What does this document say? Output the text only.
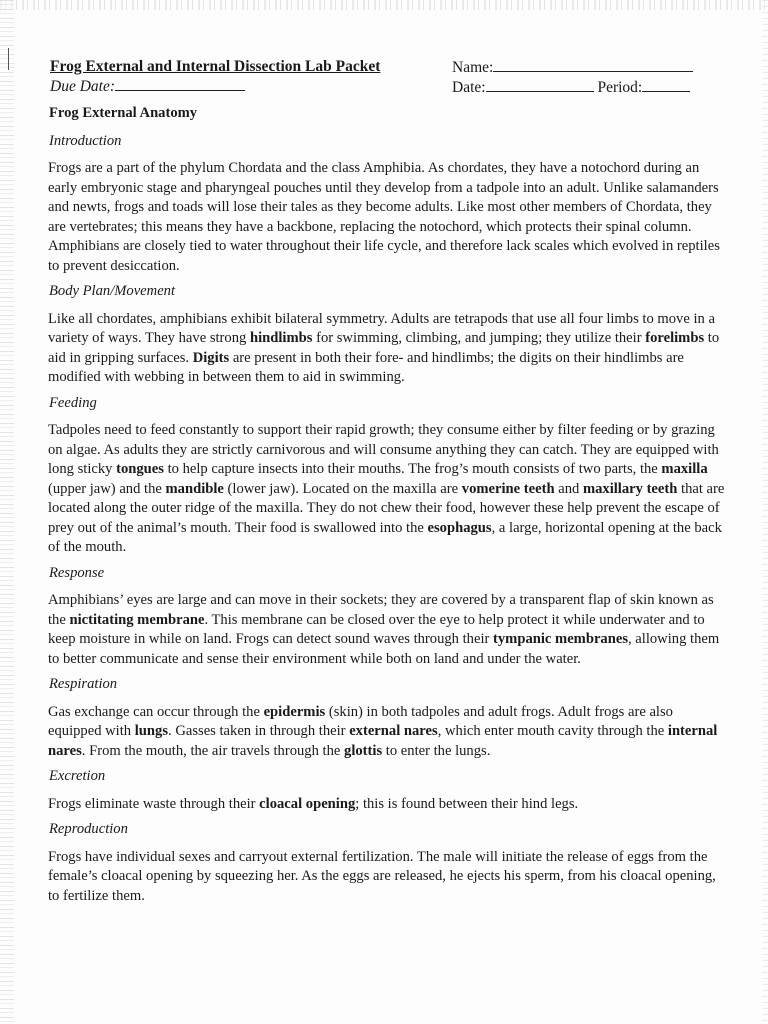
Frog External and Internal Dissection Lab Packet
Due Date:
Name:
Date:	Period:
Frog External Anatomy
Introduction

Frogs are a part of the phylum Chordata and the class Amphibia. As chordates, they have a notochord during an early embryonic stage and pharyngeal pouches until they develop from a tadpole into an adult. Unlike salamanders and newts, frogs and toads will lose their tales as they become adults. Like most other members of Chordata, they are vertebrates; this means they have a backbone, replacing the notochord, which protects their spinal column. Amphibians are closely tied to water throughout their life cycle, and therefore lack scales which evolved in reptiles to prevent desiccation.

Body Plan/Movement

Like all chordates, amphibians exhibit bilateral symmetry. Adults are tetrapods that use all four limbs to move in a variety of ways. They have strong hindlimbs for swimming, climbing, and jumping; they utilize their forelimbs to aid in gripping surfaces. Digits are present in both their fore- and hindlimbs; the digits on their hindlimbs are modified with webbing in between them to aid in swimming.

Feeding

Tadpoles need to feed constantly to support their rapid growth; they consume either by filter feeding or by grazing on algae. As adults they are strictly carnivorous and will consume anything they can catch. They are equipped with long sticky tongues to help capture insects into their mouths. The frog’s mouth consists of two parts, the maxilla (upper jaw) and the mandible (lower jaw). Located on the maxilla are vomerine teeth and maxillary teeth that are located along the outer ridge of the maxilla. They do not chew their food, however these help prevent the escape of prey out of the animal’s mouth. Their food is swallowed into the esophagus, a large, horizontal opening at the back of the mouth.

Response

Amphibians’ eyes are large and can move in their sockets; they are covered by a transparent flap of skin known as the nictitating membrane. This membrane can be closed over the eye to help protect it while underwater and to keep moisture in while on land. Frogs can detect sound waves through their tympanic membranes, allowing them to better communicate and sense their environment while both on land and under the water.

Respiration

Gas exchange can occur through the epidermis (skin) in both tadpoles and adult frogs. Adult frogs are also equipped with lungs. Gasses taken in through their external nares, which enter mouth cavity through the internal nares. From the mouth, the air travels through the glottis to enter the lungs.

Excretion

Frogs eliminate waste through their cloacal opening; this is found between their hind legs.

Reproduction

Frogs have individual sexes and carryout external fertilization. The male will initiate the release of eggs from the female’s cloacal opening by squeezing her. As the eggs are released, he ejects his sperm, from his cloacal opening, to fertilize them.
